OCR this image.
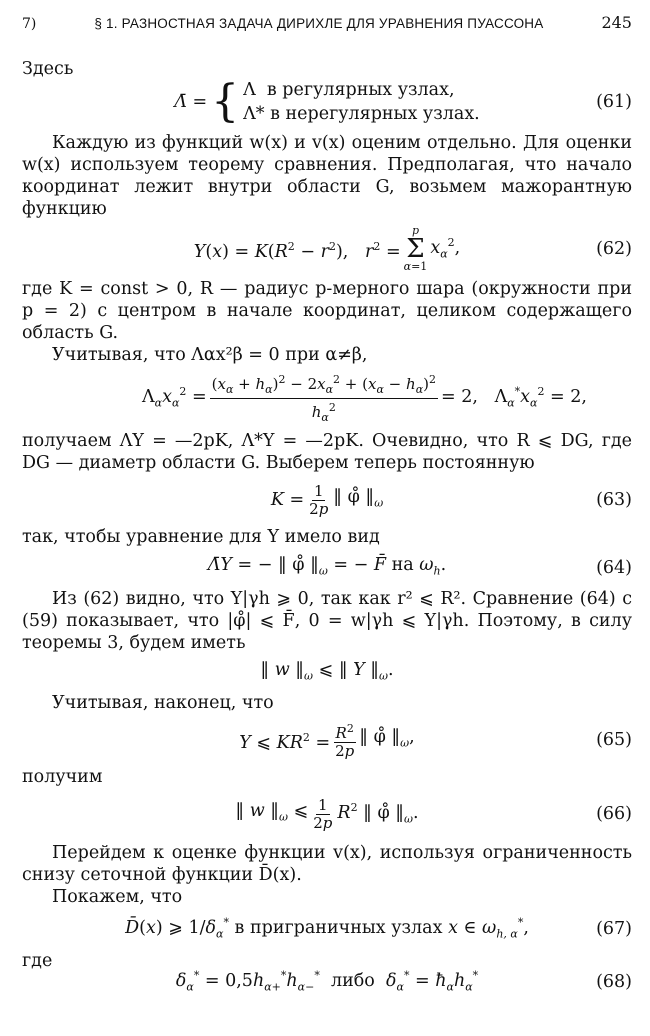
7)	§ 1. РАЗНОСТНАЯ ЗАДАЧА ДИРИХЛЕ ДЛЯ УРАВНЕНИЯ ПУАССОНА	245

Здесь

Λ̄ = { Λ  в регулярных узлах,
Λ* в нерегулярных узлах.
(61)

Каждую из функций w(x) и v(x) оценим отдельно. Для оценки w(x) используем теорему сравнения. Предполагая, что начало координат лежит внутри области G, возьмем мажорантную функцию

$Y(x) = K(R^2 - r^2)$,   $r^2$ =
p
Σ
α=1
$x_\alpha^2$,	(62)

где K = const > 0, R — радиус p-мерного шара (окружности при p = 2) с центром в начале координат, целиком содержащего область G.

Учитывая, что Λαx²β = 0 при α≠β,

$\Lambda_\alpha x_\alpha^2 = \frac{(x_\alpha + h_\alpha)^2 - 2x_\alpha^2 + (x_\alpha - h_\alpha)^2}{h_\alpha^2} = 2$,   $\Lambda_\alpha^*x_\alpha^2 = 2$,

получаем ΛY = —2pK, Λ*Y = —2pK. Очевидно, что R ⩽ DG, где DG — диаметр области G. Выберем теперь постоянную

$K = \frac{1}{2p}$ ‖ φ̊ $‖_\omega$	(63)

так, чтобы уравнение для Y имело вид

Λ̄Y = − ‖ φ̊ $‖_\omega$ = − F̄ на $\omega_h$.	(64)

Из (62) видно, что Y|γh ⩾ 0, так как r² ⩽ R². Сравнение (64) с (59) показывает, что |φ̊| ⩽ F̄, 0 = w|γh ⩽ Y|γh. Поэтому, в силу теоремы 3, будем иметь

‖ w $‖_\omega$ ⩽ ‖ Y $‖_\omega$.

Учитывая, наконец, что

Y ⩽ $KR^2 = \frac{R^2}{2p}$ ‖ φ̊ $‖_\omega$,	(65)

получим

‖ w $‖_\omega$ ⩽ $\frac{1}{2p} R^2$ ‖ φ̊ $‖_\omega$.	(66)

Перейдем к оценке функции v(x), используя ограниченность снизу сеточной функции D̄(x).

Покажем, что

D̄(x) ⩾ $1/\delta_\alpha^*$ в приграничных узлах x ∈ $\omega_{h, \alpha}^*$,	(67)

где

$\delta_\alpha^* = 0,5h_{\alpha+}^*h_{\alpha-}^*$ либо $\delta_\alpha^*$ = $ħ_\alpha h_\alpha^*$	(68)
